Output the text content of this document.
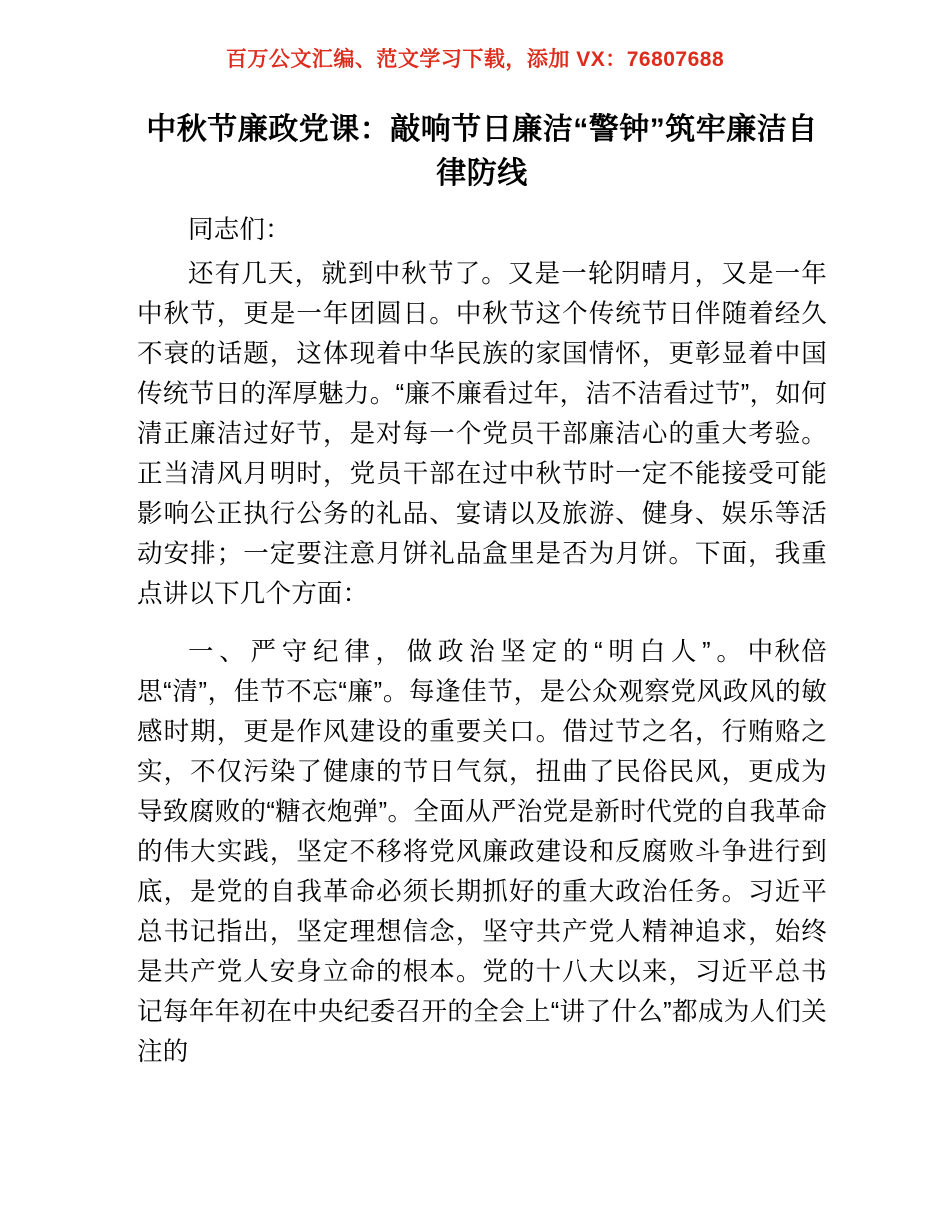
百万公文汇编、范文学习下载，添加 VX：76807688
中秋节廉政党课：敲响节日廉洁“警钟”筑牢廉洁自律防线

同志们：

还有几天，就到中秋节了。又是一轮阴晴月，又是一年中秋节，更是一年团圆日。中秋节这个传统节日伴随着经久不衰的话题，这体现着中华民族的家国情怀，更彰显着中国传统节日的浑厚魅力。“廉不廉看过年，洁不洁看过节”，如何清正廉洁过好节，是对每一个党员干部廉洁心的重大考验。正当清风月明时，党员干部在过中秋节时一定不能接受可能影响公正执行公务的礼品、宴请以及旅游、健身、娱乐等活动安排；一定要注意月饼礼品盒里是否为月饼。下面，我重点讲以下几个方面：

一、严守纪律，做政治坚定的“明白人”。中秋倍思“清”，佳节不忘“廉”。每逢佳节，是公众观察党风政风的敏感时期，更是作风建设的重要关口。借过节之名，行贿赂之实，不仅污染了健康的节日气氛，扭曲了民俗民风，更成为导致腐败的“糖衣炮弹”。全面从严治党是新时代党的自我革命的伟大实践，坚定不移将党风廉政建设和反腐败斗争进行到底，是党的自我革命必须长期抓好的重大政治任务。习近平总书记指出，坚定理想信念，坚守共产党人精神追求，始终是共产党人安身立命的根本。党的十八大以来，习近平总书记每年年初在中央纪委召开的全会上“讲了什么”都成为人们关注的
